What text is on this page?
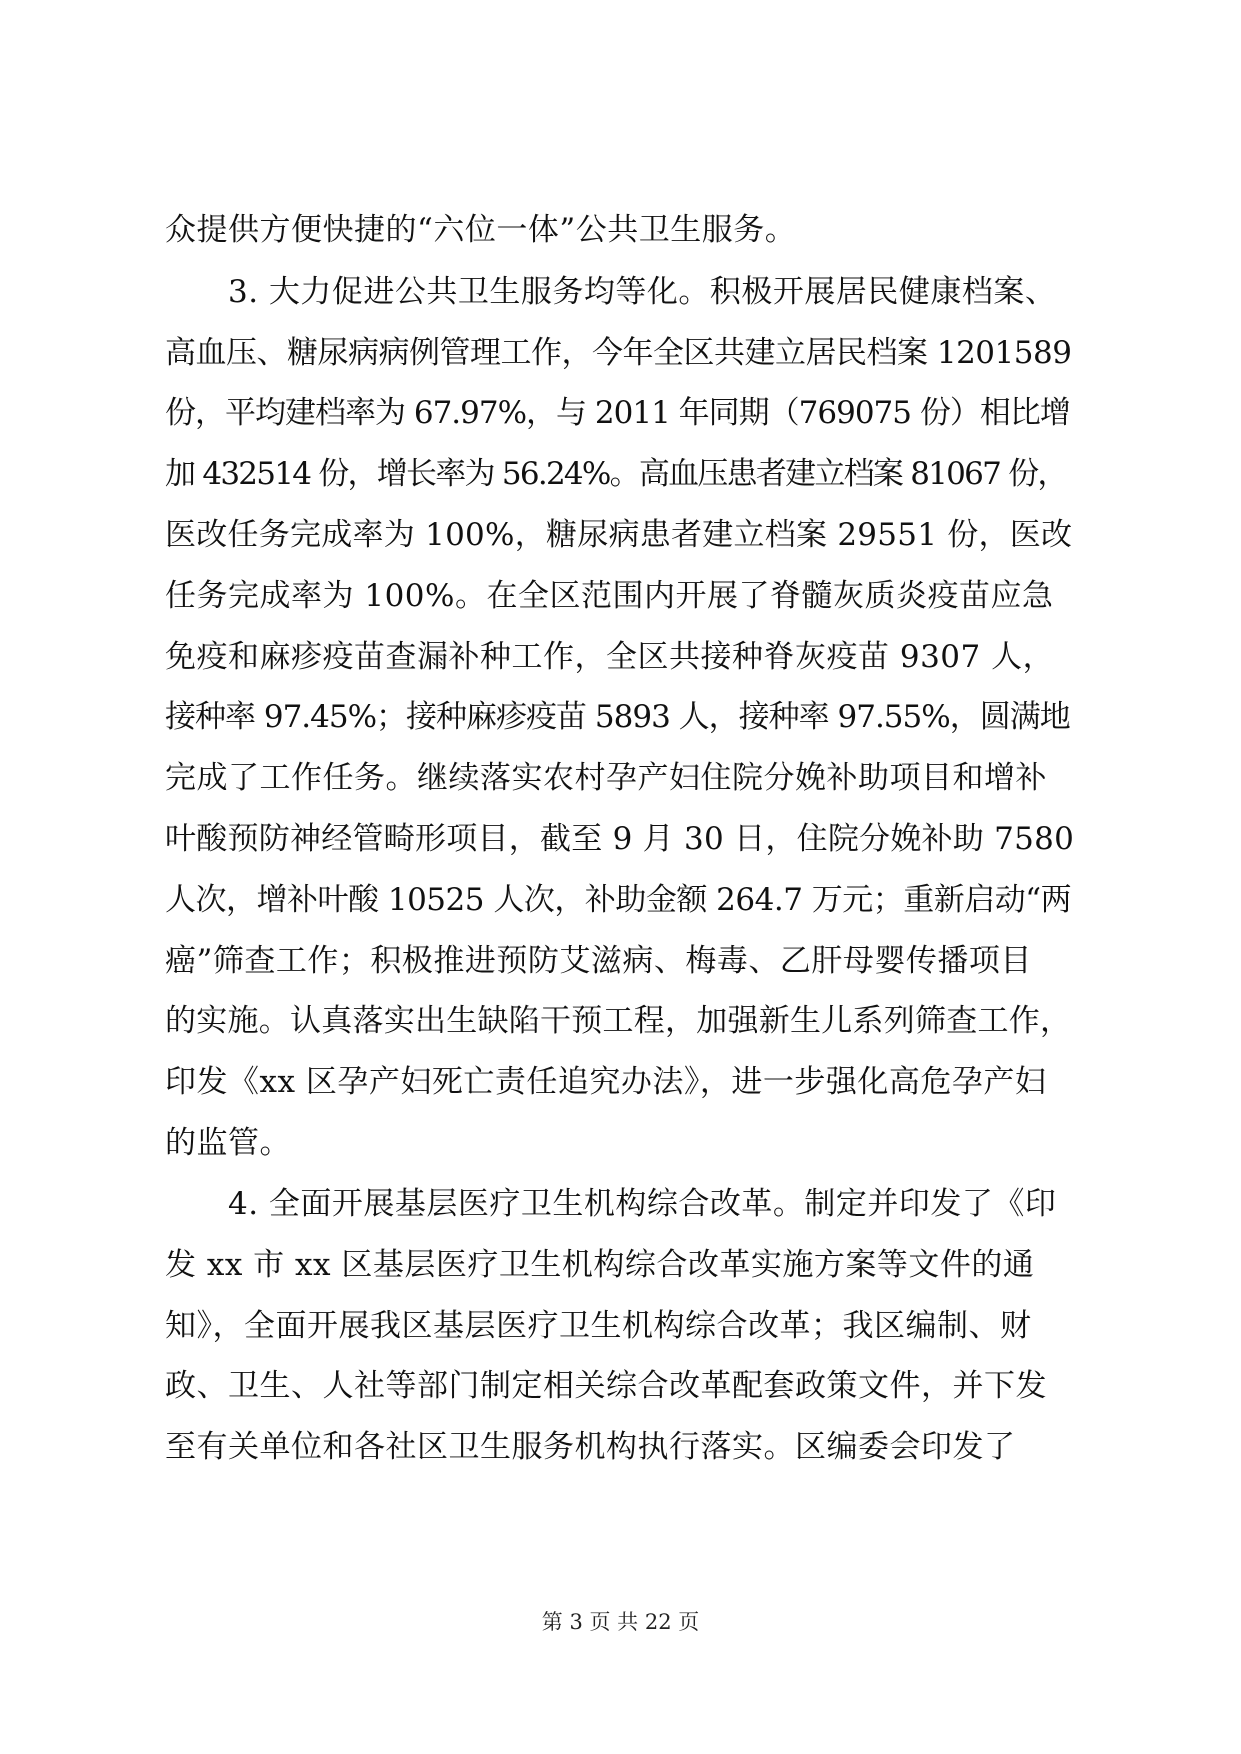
众提供方便快捷的“六位一体”公共卫生服务。
3. 大力促进公共卫生服务均等化。积极开展居民健康档案、
高血压、糖尿病病例管理工作，今年全区共建立居民档案 1201589
份，平均建档率为 67.97%，与 2011 年同期（769075 份）相比增
加 432514 份，增长率为 56.24%。高血压患者建立档案 81067 份，
医改任务完成率为 100%，糖尿病患者建立档案 29551 份，医改
任务完成率为 100%。在全区范围内开展了脊髓灰质炎疫苗应急
免疫和麻疹疫苗查漏补种工作，全区共接种脊灰疫苗 9307 人，
接种率 97.45%；接种麻疹疫苗 5893 人，接种率 97.55%，圆满地
完成了工作任务。继续落实农村孕产妇住院分娩补助项目和增补
叶酸预防神经管畸形项目，截至 9 月 30 日，住院分娩补助 7580
人次，增补叶酸 10525 人次，补助金额 264.7 万元；重新启动“两
癌”筛查工作；积极推进预防艾滋病、梅毒、乙肝母婴传播项目
的实施。认真落实出生缺陷干预工程，加强新生儿系列筛查工作，
印发《xx 区孕产妇死亡责任追究办法》，进一步强化高危孕产妇
的监管。
4. 全面开展基层医疗卫生机构综合改革。制定并印发了《印
发 xx 市 xx 区基层医疗卫生机构综合改革实施方案等文件的通
知》，全面开展我区基层医疗卫生机构综合改革；我区编制、财
政、卫生、人社等部门制定相关综合改革配套政策文件，并下发
至有关单位和各社区卫生服务机构执行落实。区编委会印发了
第 3 页 共 22 页
